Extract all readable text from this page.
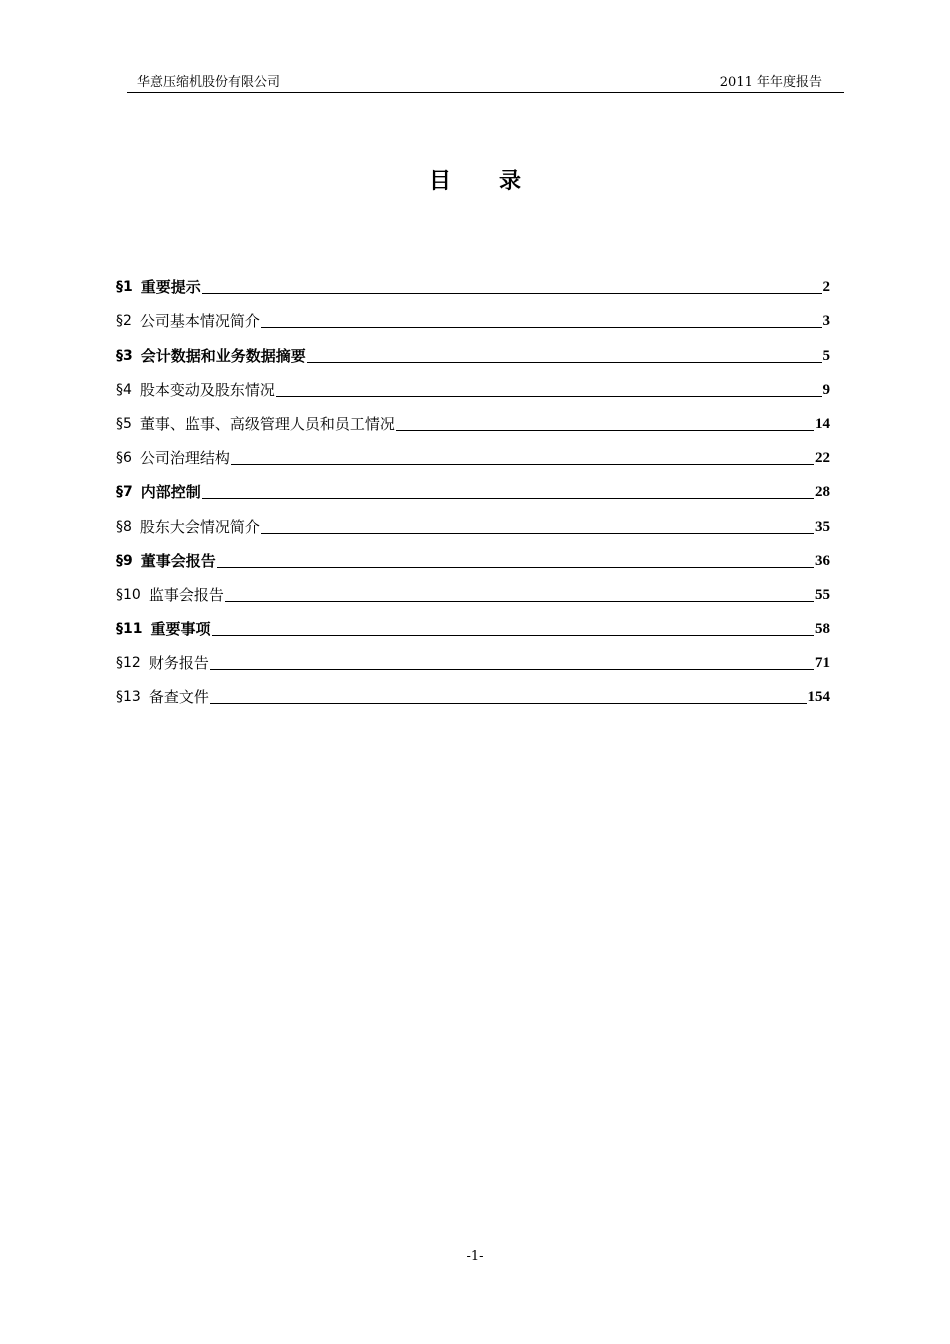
华意压缩机股份有限公司	2011 年年度报告
目录
§1 重要提示	2
§2 公司基本情况简介	3
§3 会计数据和业务数据摘要	5
§4 股本变动及股东情况	9
§5 董事、监事、高级管理人员和员工情况	14
§6 公司治理结构	22
§7 内部控制	28
§8 股东大会情况简介	35
§9 董事会报告	36
§10 监事会报告	55
§11 重要事项	58
§12 财务报告	71
§13 备查文件	154
-1-
